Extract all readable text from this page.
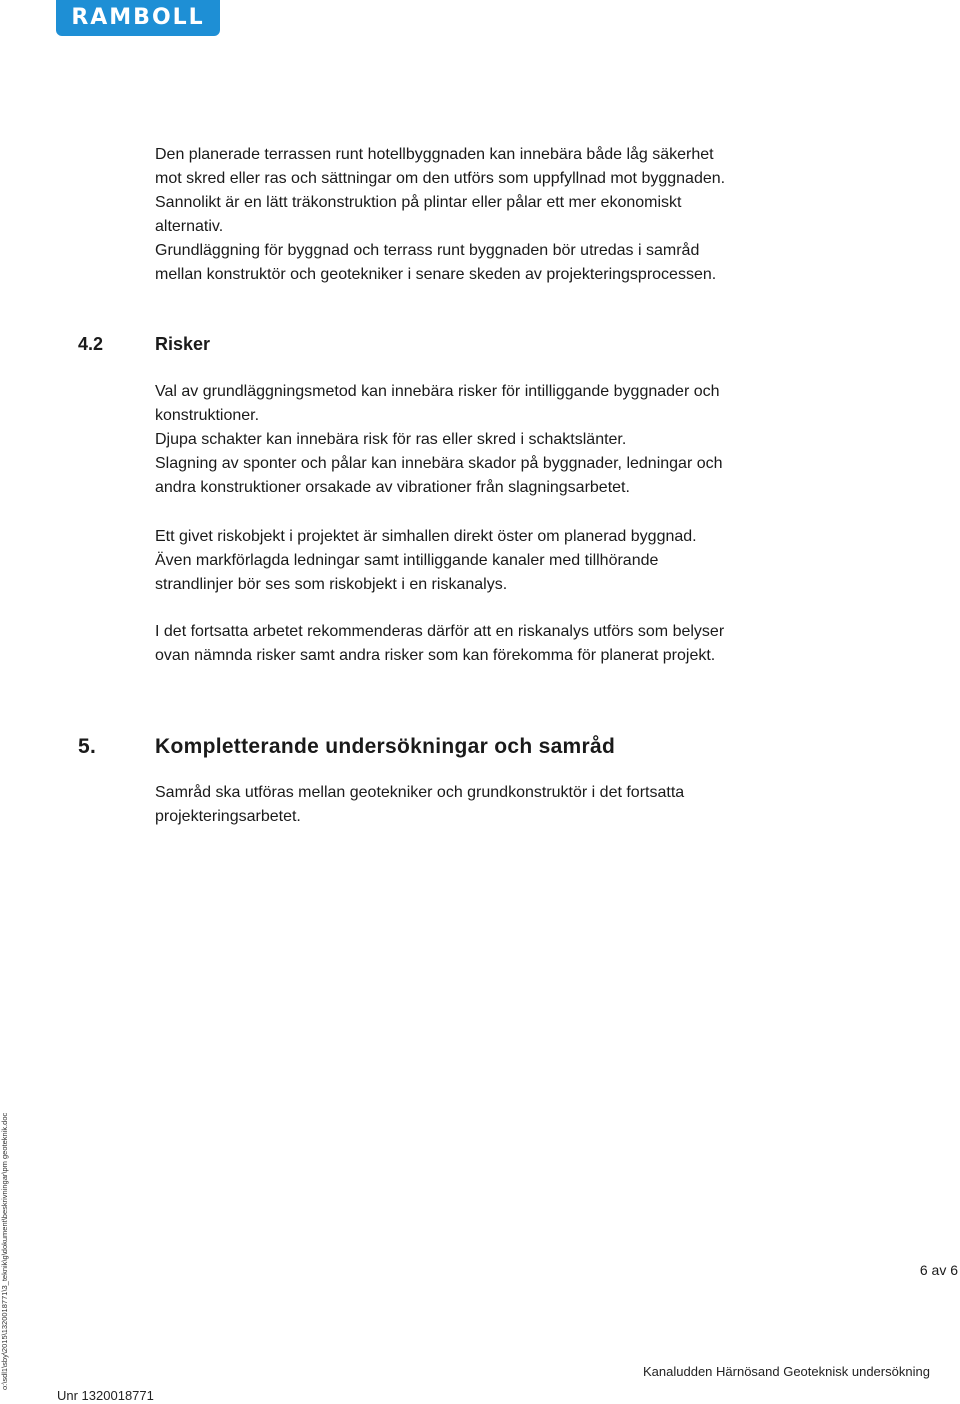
RAMBOLL
Den planerade terrassen runt hotellbyggnaden kan innebära både låg säkerhet
mot skred eller ras och sättningar om den utförs som uppfyllnad mot byggnaden.
Sannolikt är en lätt träkonstruktion på plintar eller pålar ett mer ekonomiskt
alternativ.
Grundläggning för byggnad och terrass runt byggnaden bör utredas i samråd
mellan konstruktör och geotekniker i senare skeden av projekteringsprocessen.
4.2	Risker
Val av grundläggningsmetod kan innebära risker för intilliggande byggnader och
konstruktioner.
Djupa schakter kan innebära risk för ras eller skred i schaktslänter.
Slagning av sponter och pålar kan innebära skador på byggnader, ledningar och
andra konstruktioner orsakade av vibrationer från slagningsarbetet.
Ett givet riskobjekt i projektet är simhallen direkt öster om planerad byggnad.
Även markförlagda ledningar samt intilliggande kanaler med tillhörande
strandlinjer bör ses som riskobjekt i en riskanalys.
I det fortsatta arbetet rekommenderas därför att en riskanalys utförs som belyser
ovan nämnda risker samt andra risker som kan förekomma för planerat projekt.
5.	Kompletterande undersökningar och samråd
Samråd ska utföras mellan geotekniker och grundkonstruktör i det fortsatta
projekteringsarbetet.
o:\sdl1\sby\2015\1320018771\3_teknik\g\dokument\beskrivningar\pm geoteknik.doc	6 av 6
Kanaludden Härnösand Geoteknisk undersökning
Unr 1320018771
